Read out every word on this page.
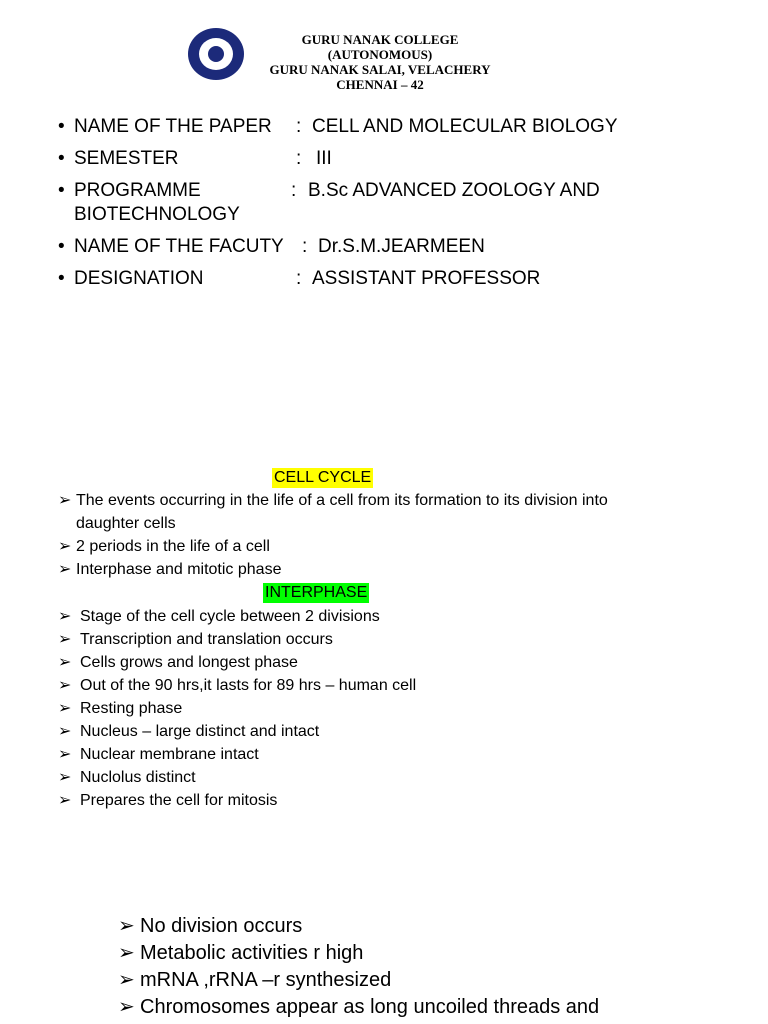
GURU NANAK COLLEGE
(AUTONOMOUS)
GURU NANAK SALAI, VELACHERY
CHENNAI – 42
• NAME OF THE PAPER : CELL AND MOLECULAR BIOLOGY
• SEMESTER	: III
• PROGRAMME	: B.Sc ADVANCED ZOOLOGY AND
BIOTECHNOLOGY
• NAME OF THE FACUTY : Dr.S.M.JEARMEEN
• DESIGNATION	: ASSISTANT PROFESSOR
CELL CYCLE
➢ The events occurring in the life of a cell from its formation to its division into
daughter cells
➢ 2 periods in the life of a cell
➢ Interphase and mitotic phase
INTERPHASE
➢ Stage of the cell cycle between 2 divisions
➢ Transcription and translation occurs
➢ Cells grows and longest phase
➢ Out of the 90 hrs,it lasts for 89 hrs – human cell
➢ Resting phase
➢ Nucleus – large distinct and intact
➢ Nuclear membrane intact
➢ Nuclolus distinct
➢ Prepares the cell for mitosis
➢ No division occurs
➢ Metabolic activities r high
➢ mRNA ,rRNA –r synthesized
➢ Chromosomes appear as long uncoiled threads and
